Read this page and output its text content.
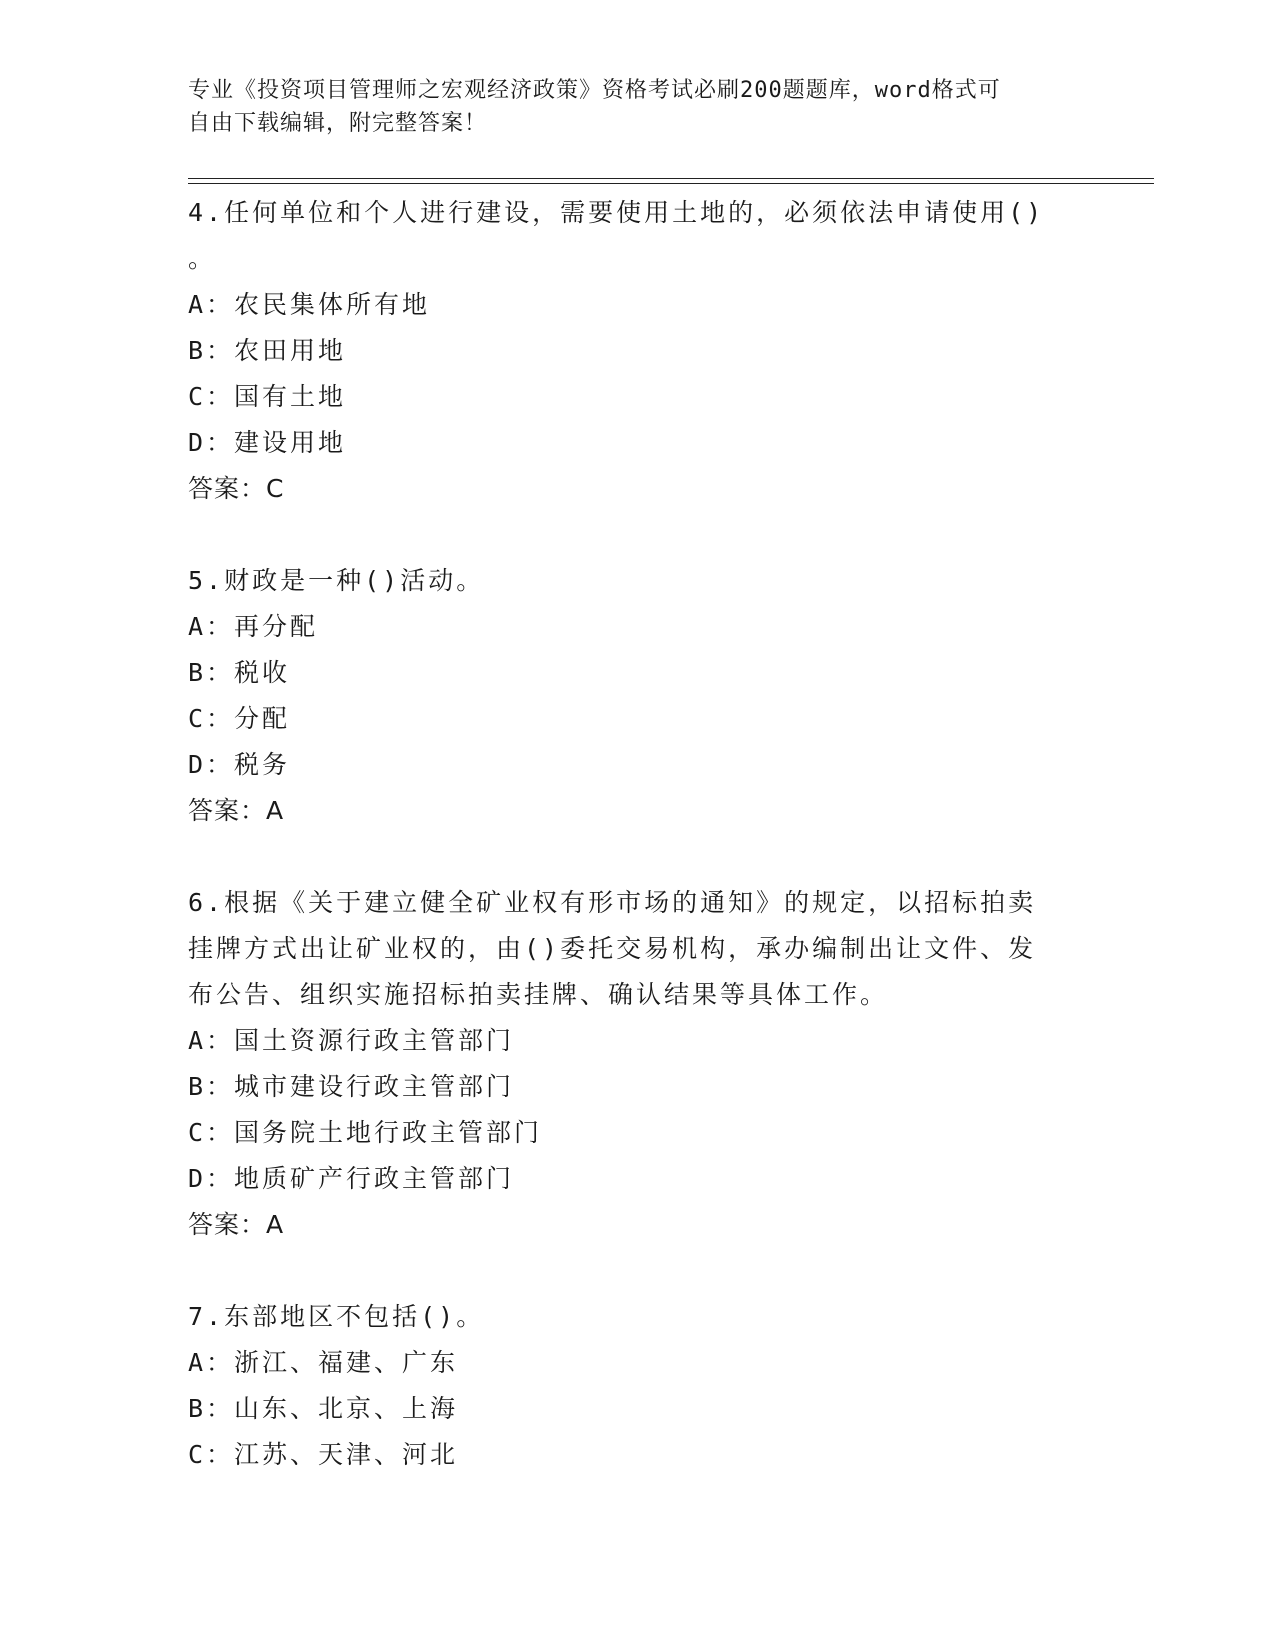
专业《投资项目管理师之宏观经济政策》资格考试必刷200题题库，word格式可
自由下载编辑，附完整答案！

4.任何单位和个人进行建设，需要使用土地的，必须依法申请使用()

。

A：农民集体所有地

B：农田用地

C：国有土地

D：建设用地

答案：C

5.财政是一种()活动。

A：再分配

B：税收

C：分配

D：税务

答案：A

6.根据《关于建立健全矿业权有形市场的通知》的规定，以招标拍卖

挂牌方式出让矿业权的，由()委托交易机构，承办编制出让文件、发

布公告、组织实施招标拍卖挂牌、确认结果等具体工作。

A：国土资源行政主管部门

B：城市建设行政主管部门

C：国务院土地行政主管部门

D：地质矿产行政主管部门

答案：A

7.东部地区不包括()。

A：浙江、福建、广东

B：山东、北京、上海

C：江苏、天津、河北
